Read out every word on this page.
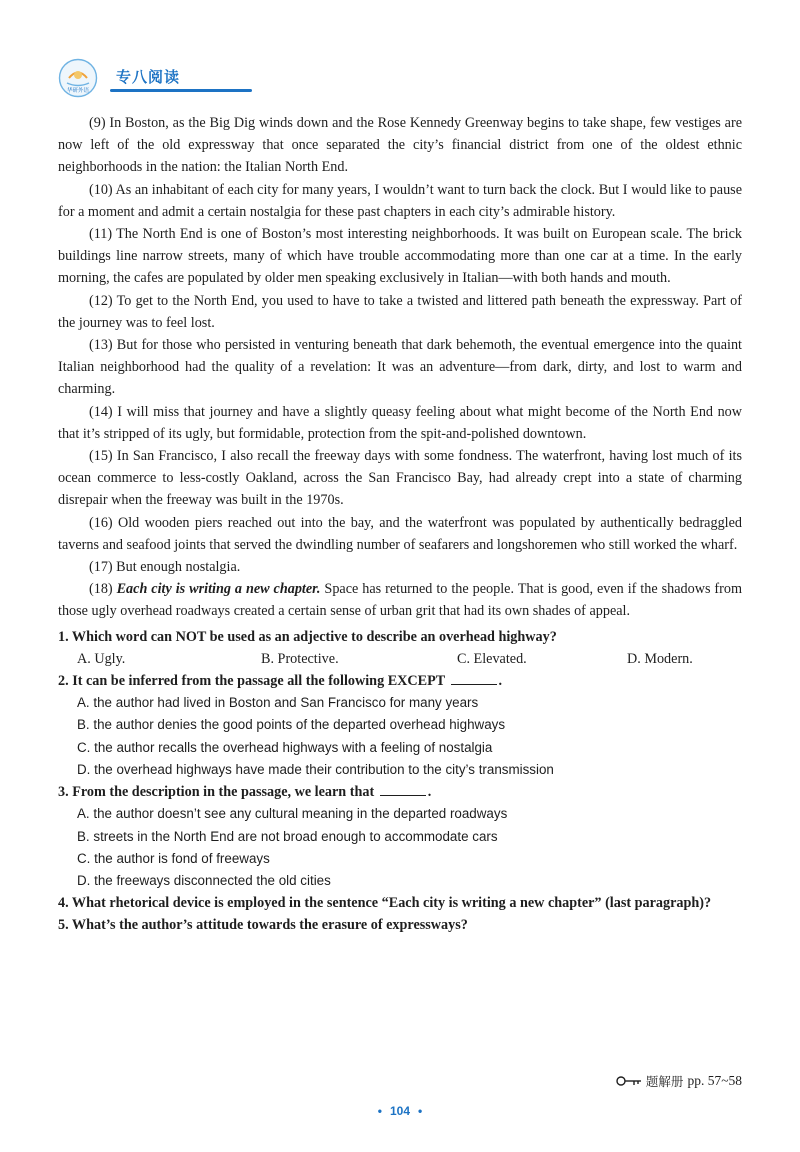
华研外语
专八阅读

(9) In Boston, as the Big Dig winds down and the Rose Kennedy Greenway begins to take shape, few vestiges are now left of the old expressway that once separated the city’s financial district from one of the oldest ethnic neighborhoods in the nation: the Italian North End.

(10) As an inhabitant of each city for many years, I wouldn’t want to turn back the clock. But I would like to pause for a moment and admit a certain nostalgia for these past chapters in each city’s admirable history.

(11) The North End is one of Boston’s most interesting neighborhoods. It was built on European scale. The brick buildings line narrow streets, many of which have trouble accommodating more than one car at a time. In the early morning, the cafes are populated by older men speaking exclusively in Italian—with both hands and mouth.

(12) To get to the North End, you used to have to take a twisted and littered path beneath the expressway. Part of the journey was to feel lost.

(13) But for those who persisted in venturing beneath that dark behemoth, the eventual emergence into the quaint Italian neighborhood had the quality of a revelation: It was an adventure—from dark, dirty, and lost to warm and charming.

(14) I will miss that journey and have a slightly queasy feeling about what might become of the North End now that it’s stripped of its ugly, but formidable, protection from the spit-and-polished downtown.

(15) In San Francisco, I also recall the freeway days with some fondness. The waterfront, having lost much of its ocean commerce to less-costly Oakland, across the San Francisco Bay, had already crept into a state of charming disrepair when the freeway was built in the 1970s.

(16) Old wooden piers reached out into the bay, and the waterfront was populated by authentically bedraggled taverns and seafood joints that served the dwindling number of seafarers and longshoremen who still worked the wharf.

(17) But enough nostalgia.

(18) Each city is writing a new chapter. Space has returned to the people. That is good, even if the shadows from those ugly overhead roadways created a certain sense of urban grit that had its own shades of appeal.

1. Which word can NOT be used as an adjective to describe an overhead highway?

A. Ugly.	B. Protective.	C. Elevated.	D. Modern.

2. It can be inferred from the passage all the following EXCEPT	.

A. the author had lived in Boston and San Francisco for many years

B. the author denies the good points of the departed overhead highways

C. the author recalls the overhead highways with a feeling of nostalgia

D. the overhead highways have made their contribution to the city’s transmission

3. From the description in the passage, we learn that	.

A. the author doesn’t see any cultural meaning in the departed roadways

B. streets in the North End are not broad enough to accommodate cars

C. the author is fond of freeways

D. the freeways disconnected the old cities

4. What rhetorical device is employed in the sentence “Each city is writing a new chapter” (last paragraph)?

5. What’s the author’s attitude towards the erasure of expressways?

题解册 pp. 57~58
• 104 •
